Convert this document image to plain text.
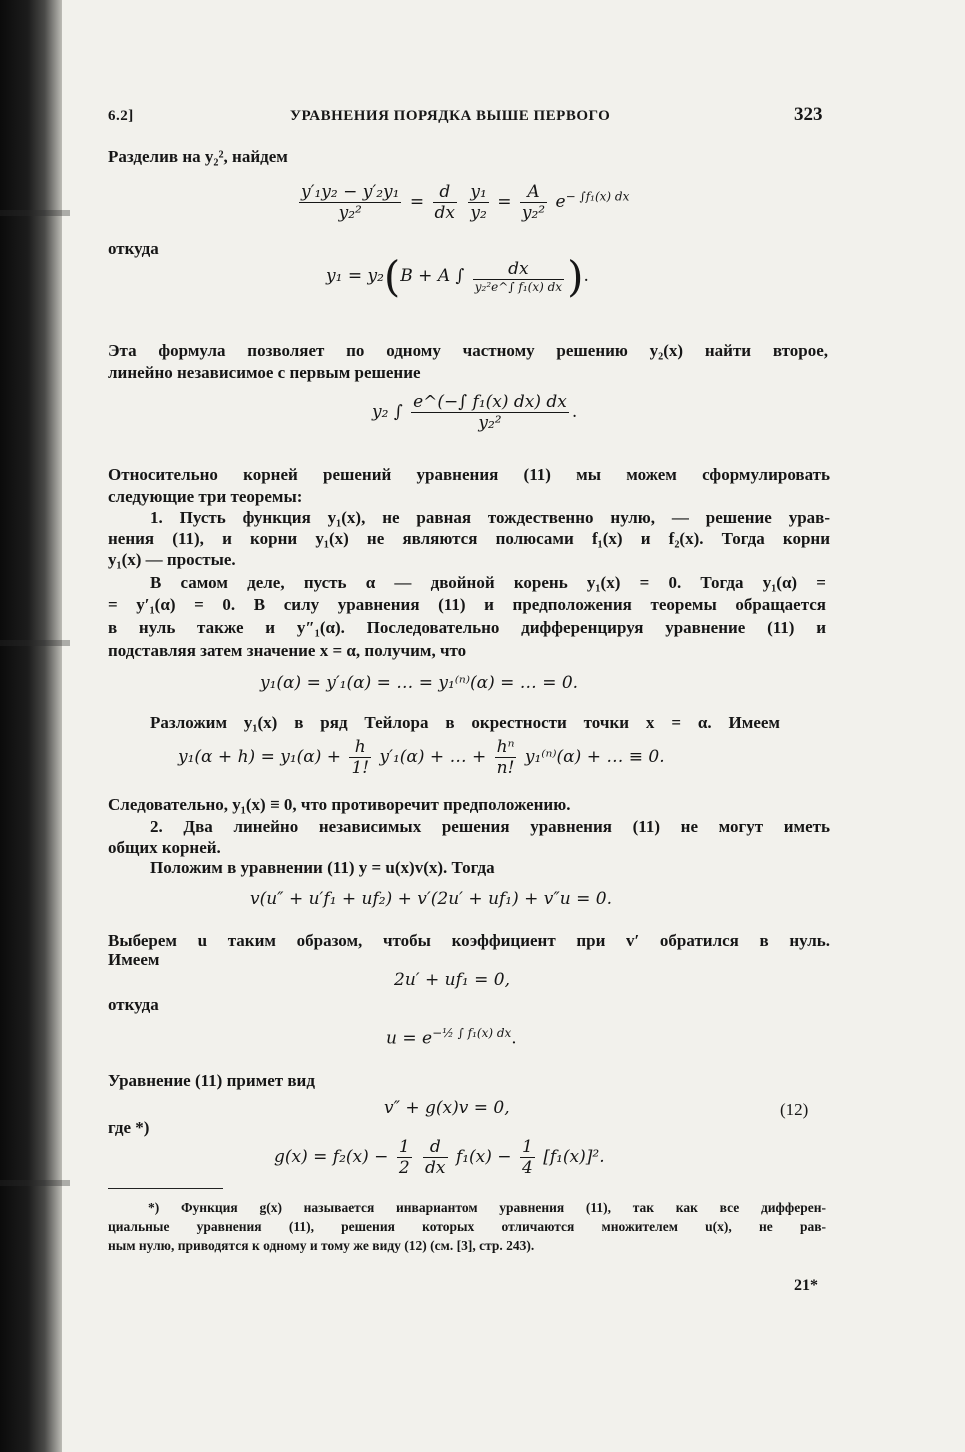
6.2]	УРАВНЕНИЯ ПОРЯДКА ВЫШЕ ПЕРВОГО	323
Разделив на y₂², найдем
$\frac{\text{y′₁y₂ − y′₂y₁}}{\text{y₂²}} = \frac{d}{dx}$
$\frac{\text{y₁}}{\text{y₂}} = \frac{A}{\text{y₂²}} e^{- \int f_1(x) dx}$
откуда
y₁ = y₂(B + A ∫ $\frac{dx}{\text{y₂²e\textasciicircum{}∫ f₁(x) dx}}$ ).
Эта формула позволяет по одному частному решению y₂(x) найти второе,
линейно независимое с первым решение
y₂ ∫ $\frac{\text{e\textasciicircum{}(−∫ f₁(x) dx) dx}}{\text{y₂²}}$ .
Относительно корней решений уравнения (11) мы можем сформулировать
следующие три теоремы:
1. Пусть функция y₁(x), не равная тождественно нулю, — решение урав-
нения (11), и корни y₁(x) не являются полюсами f₁(x) и f₂(x). Тогда корни
y₁(x) — простые.
В самом деле, пусть α — двойной корень y₁(x) = 0. Тогда y₁(α) =
= y′₁(α) = 0. В силу уравнения (11) и предположения теоремы обращается
в нуль также и y″₁(α). Последовательно дифференцируя уравнение (11) и
подставляя затем значение x = α, получим, что
y₁(α) = y′₁(α) = … = y₁⁽ⁿ⁾(α) = … = 0.
Разложим y₁(x) в ряд Тейлора в окрестности точки x = α. Имеем
$y_1(\alpha + h) = y_1(\alpha) + \frac{h}{1!} y'_1(\alpha)$ + … + $\frac{\text{hⁿ}}{n!} y_1^{(n)}(\alpha)$ + … ≡ 0.
Следовательно, y₁(x) ≡ 0, что противоречит предположению.
2. Два линейно независимых решения уравнения (11) не могут иметь
общих корней.
Положим в уравнении (11) y = u(x)v(x). Тогда
v(u″ + u′f₁ + uf₂) + v′(2u′ + uf₁) + v″u = 0.
Выберем u таким образом, чтобы коэффициент при v′ обратился в нуль.
Имеем
2u′ + uf₁ = 0,
откуда
$u = e^{-\frac{1}{2} \int f_1(x) dx}$.
Уравнение (11) примет вид
v″ + g(x)v = 0,	(12)
где *)
$g(x) = f_2(x) - \frac{1}{2}$
$\frac{d}{dx} f_1(x) - \frac{1}{4} [f_1(x)]^2$.
*) Функция g(x) называется инвариантом уравнения (11), так как все дифферен-
циальные уравнения (11), решения которых отличаются множителем u(x), не рав-
ным нулю, приводятся к одному и тому же виду (12) (см. [3], стр. 243).
21*
